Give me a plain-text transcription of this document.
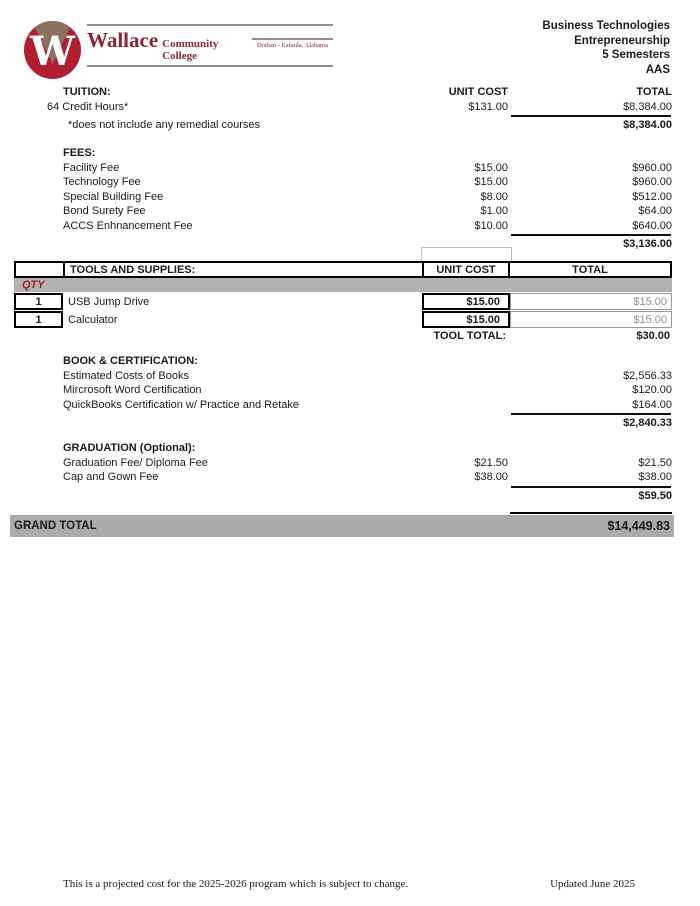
W Wallace Community College
Dothan - Eufaula, Alabama
Business Technologies
Entrepreneurship
5 Semesters
AAS
TUITION:	UNIT COST	TOTAL
64 Credit Hours*	$131.00	$8,384.00
*does not include any remedial courses	$8,384.00
FEES:
Facility Fee	$15.00	$960.00
Technology Fee	$15.00	$960.00
Special Building Fee	$8.00	$512.00
Bond Surety Fee	$1.00	$64.00
ACCS Enhnancement Fee	$10.00	$640.00
$3,136.00
TOOLS AND SUPPLIES:	UNIT COST	TOTAL
QTY
1	USB Jump Drive	$15.00	$15.00
1	Calculator	$15.00	$15.00
TOOL TOTAL:	$30.00
BOOK & CERTIFICATION:
Estimated Costs of Books	$2,556.33
Mircrosoft Word Certification	$120.00
QuickBooks Certification w/ Practice and Retake	$164.00
$2,840.33
GRADUATION (Optional):
Graduation Fee/ Diploma Fee	$21.50	$21.50
Cap and Gown Fee	$38.00	$38.00
$59.50
GRAND TOTAL	$14,449.83
This is a projected cost for the 2025-2026 program which is subject to change.	Updated June 2025
